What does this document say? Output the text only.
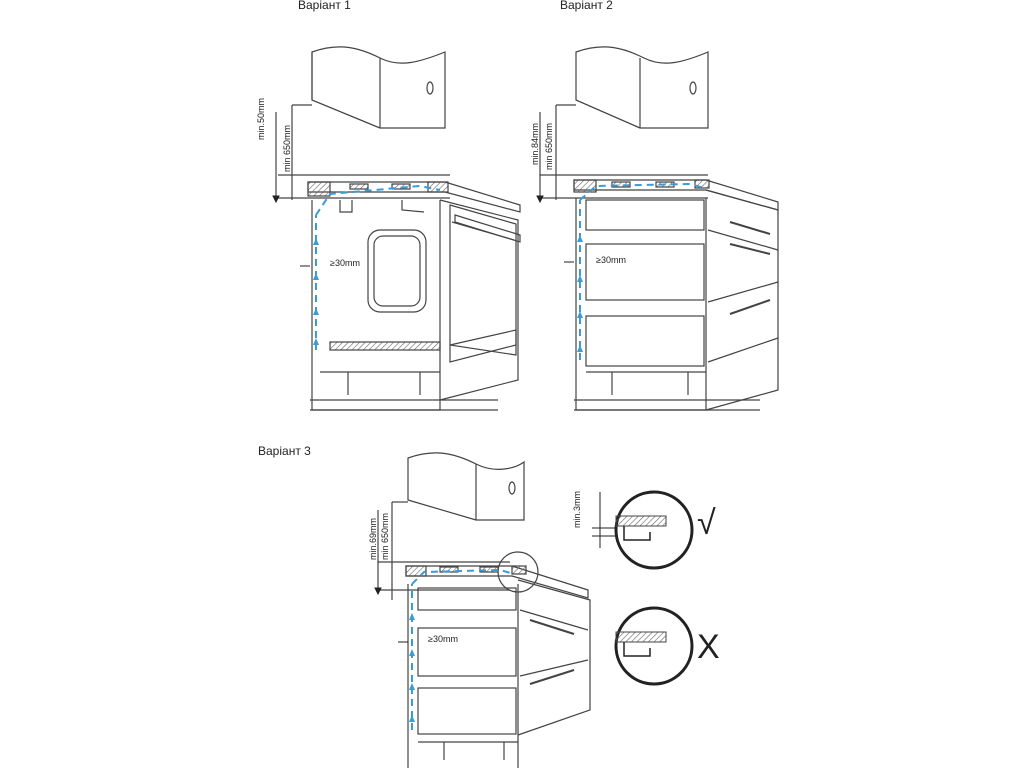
Варіант 1	Варіант 2
Варіант 3
min.50mm
min 650mm
≥30mm
min.84mm min 650mm
≥30mm
min.69mm min 650mm
≥30mm
min.3mm	√
X
